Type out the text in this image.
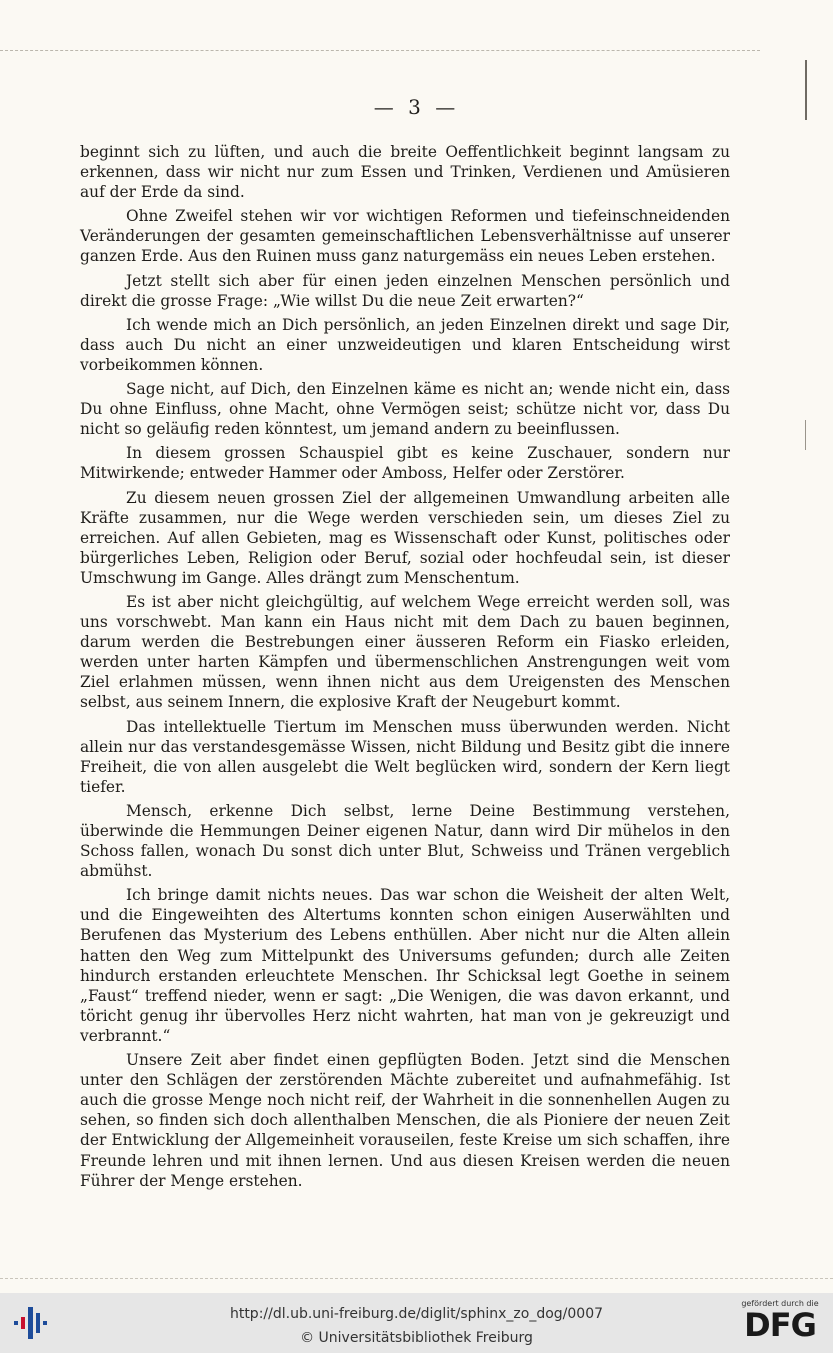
— 3 —

beginnt sich zu lüften, und auch die breite Oeffentlichkeit beginnt langsam zu erkennen, dass wir nicht nur zum Essen und Trinken, Verdienen und Amüsieren auf der Erde da sind.

Ohne Zweifel stehen wir vor wichtigen Reformen und tiefeinschneidenden Veränderungen der gesamten gemeinschaftlichen Lebensverhältnisse auf unserer ganzen Erde. Aus den Ruinen muss ganz naturgemäss ein neues Leben erstehen.

Jetzt stellt sich aber für einen jeden einzelnen Menschen persönlich und direkt die grosse Frage: „Wie willst Du die neue Zeit erwarten?“

Ich wende mich an Dich persönlich, an jeden Einzelnen direkt und sage Dir, dass auch Du nicht an einer unzweideutigen und klaren Entscheidung wirst vorbeikommen können.

Sage nicht, auf Dich, den Einzelnen käme es nicht an; wende nicht ein, dass Du ohne Einfluss, ohne Macht, ohne Vermögen seist; schütze nicht vor, dass Du nicht so geläufig reden könntest, um jemand andern zu beeinflussen.

In diesem grossen Schauspiel gibt es keine Zuschauer, sondern nur Mitwirkende; entweder Hammer oder Amboss, Helfer oder Zerstörer.

Zu diesem neuen grossen Ziel der allgemeinen Umwandlung arbeiten alle Kräfte zusammen, nur die Wege werden verschieden sein, um dieses Ziel zu erreichen. Auf allen Gebieten, mag es Wissenschaft oder Kunst, politisches oder bürgerliches Leben, Religion oder Beruf, sozial oder hochfeudal sein, ist dieser Umschwung im Gange. Alles drängt zum Menschentum.

Es ist aber nicht gleichgültig, auf welchem Wege erreicht werden soll, was uns vorschwebt. Man kann ein Haus nicht mit dem Dach zu bauen beginnen, darum werden die Bestrebungen einer äusseren Reform ein Fiasko erleiden, werden unter harten Kämpfen und übermenschlichen Anstrengungen weit vom Ziel erlahmen müssen, wenn ihnen nicht aus dem Ureigensten des Menschen selbst, aus seinem Innern, die explosive Kraft der Neugeburt kommt.

Das intellektuelle Tiertum im Menschen muss überwunden werden. Nicht allein nur das verstandesgemässe Wissen, nicht Bildung und Besitz gibt die innere Freiheit, die von allen ausgelebt die Welt beglücken wird, sondern der Kern liegt tiefer.

Mensch, erkenne Dich selbst, lerne Deine Bestimmung verstehen, überwinde die Hemmungen Deiner eigenen Natur, dann wird Dir mühelos in den Schoss fallen, wonach Du sonst dich unter Blut, Schweiss und Tränen vergeblich abmühst.

Ich bringe damit nichts neues. Das war schon die Weisheit der alten Welt, und die Eingeweihten des Altertums konnten schon einigen Auserwählten und Berufenen das Mysterium des Lebens enthüllen. Aber nicht nur die Alten allein hatten den Weg zum Mittelpunkt des Universums gefunden; durch alle Zeiten hindurch erstanden erleuchtete Menschen. Ihr Schicksal legt Goethe in seinem „Faust“ treffend nieder, wenn er sagt: „Die Wenigen, die was davon erkannt, und töricht genug ihr übervolles Herz nicht wahrten, hat man von je gekreuzigt und verbrannt.“

Unsere Zeit aber findet einen gepflügten Boden. Jetzt sind die Menschen unter den Schlägen der zerstörenden Mächte zubereitet und aufnahmefähig. Ist auch die grosse Menge noch nicht reif, der Wahrheit in die sonnenhellen Augen zu sehen, so finden sich doch allenthalben Menschen, die als Pioniere der neuen Zeit der Entwicklung der Allgemeinheit vorauseilen, feste Kreise um sich schaffen, ihre Freunde lehren und mit ihnen lernen. Und aus diesen Kreisen werden die neuen Führer der Menge erstehen.

http://dl.ub.uni-freiburg.de/diglit/sphinx_zo_dog/0007
© Universitätsbibliothek Freiburg
gefördert durch die
DFG
